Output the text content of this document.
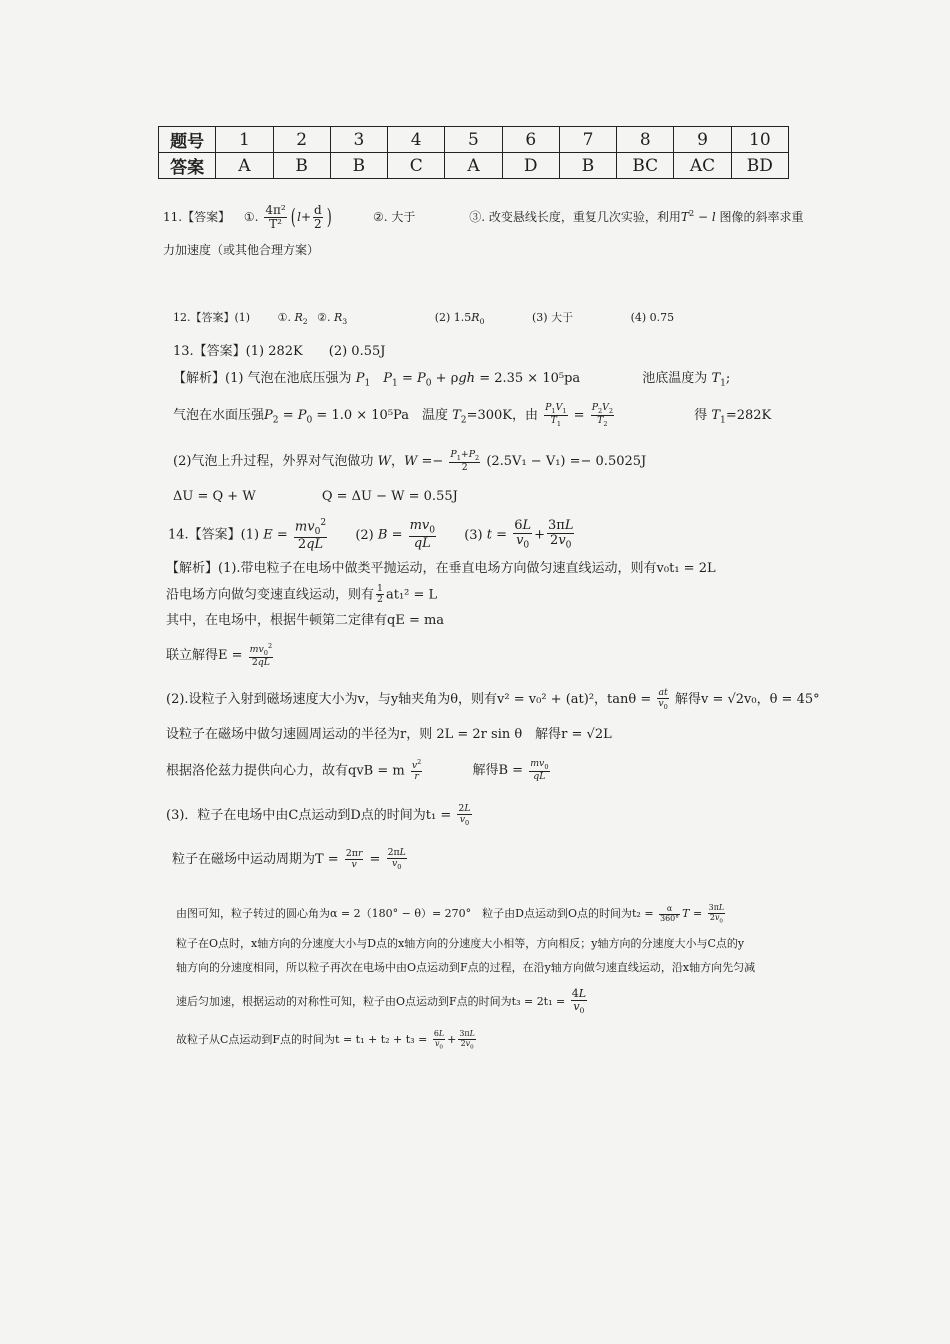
题号	1	2	3	4	5	6	7	8	9	10
答案	A	B	B	C	A	D	B	BC	AC	BD
11.【答案】 ①. $\frac{\text{4π²}}{\text{T²}}$ ( $l+ \frac{d}{2}$ )	②. 大于	③. 改变悬线长度，重复几次实验，利用$T^2 - l$ 图像的斜率求重
力加速度（或其他合理方案）
12.【答案】(1)	①. $R_2$ ②. $R_3$	(2) $1.5R_0$	(3) 大于	(4) 0.75
13.【答案】(1) 282K　　(2) 0.55J
【解析】(1) 气泡在池底压强为 $P_1$　 $P_1 = P_0 + \rho gh = 2.35 \times 10^5pa$	池底温度为 $T_1$;
气泡在水面压强$P_2 = P_0 = 1.0 \times 10^5Pa$　温度 $T_2=300K$，由 $\frac{P_1V_1}{T_1} = \frac{P_2V_2}{T_2}$	得 $T_1=282K$
(2)气泡上升过程，外界对气泡做功 W，$W =- \frac{P_1+P_2}{2} (2.5V_1 - V_1) =- 0.5025J$
ΔU = Q + W	Q = ΔU − W = 0.55J
14.【答案】(1) $E = \frac{mv_0^2}{2qL} (2) B = \frac{mv_0}{qL} (3) t = \frac{6L}{v_0} + \frac{3\pi L}{2v_0}$
【解析】(1).带电粒子在电场中做类平抛运动，在垂直电场方向做匀速直线运动，则有v₀t₁ = 2L
沿电场方向做匀变速直线运动，则有 $\frac{1}{2} at_1^2 = L$
其中，在电场中，根据牛顿第二定律有qE = ma
联立解得$E = \frac{mv_0^2}{2qL}$
(2).设粒子入射到磁场速度大小为v，与y轴夹角为θ，则有v² = v₀² + (at)²，$\tan\theta = \frac{at}{v_0}$ 解得v = √2v₀，θ = 45°
设粒子在磁场中做匀速圆周运动的半径为r，则 2L = 2r sin θ　解得r = √2L
根据洛伦兹力提供向心力，故有qvB = m $\frac{v^2}{r}$	解得$B = \frac{mv_0}{qL}$
(3)．粒子在电场中由C点运动到D点的时间为$t_1 = \frac{2L}{v_0}$
粒子在磁场中运动周期为$T = \frac{2\pi r}{v} = \frac{2\pi L}{v_0}$
由图可知，粒子转过的圆心角为α = 2（180° − θ）= 270°　粒子由D点运动到O点的时间为$t_2 = \frac{\alpha}{360^\circ}$ $T = \frac{3\pi L}{2v_0}$
粒子在O点时，x轴方向的分速度大小与D点的x轴方向的分速度大小相等，方向相反；y轴方向的分速度大小与C点的y
轴方向的分速度相同，所以粒子再次在电场中由O点运动到F点的过程，在沿y轴方向做匀速直线运动，沿x轴方向先匀减
速后匀加速，根据运动的对称性可知，粒子由O点运动到F点的时间为$t_3 = 2t_1 = \frac{4L}{v_0}$
故粒子从C点运动到F点的时间为$t = t_1 + t_2 + t_3 = \frac{6L}{v_0} + \frac{3\pi L}{2v_0}$
